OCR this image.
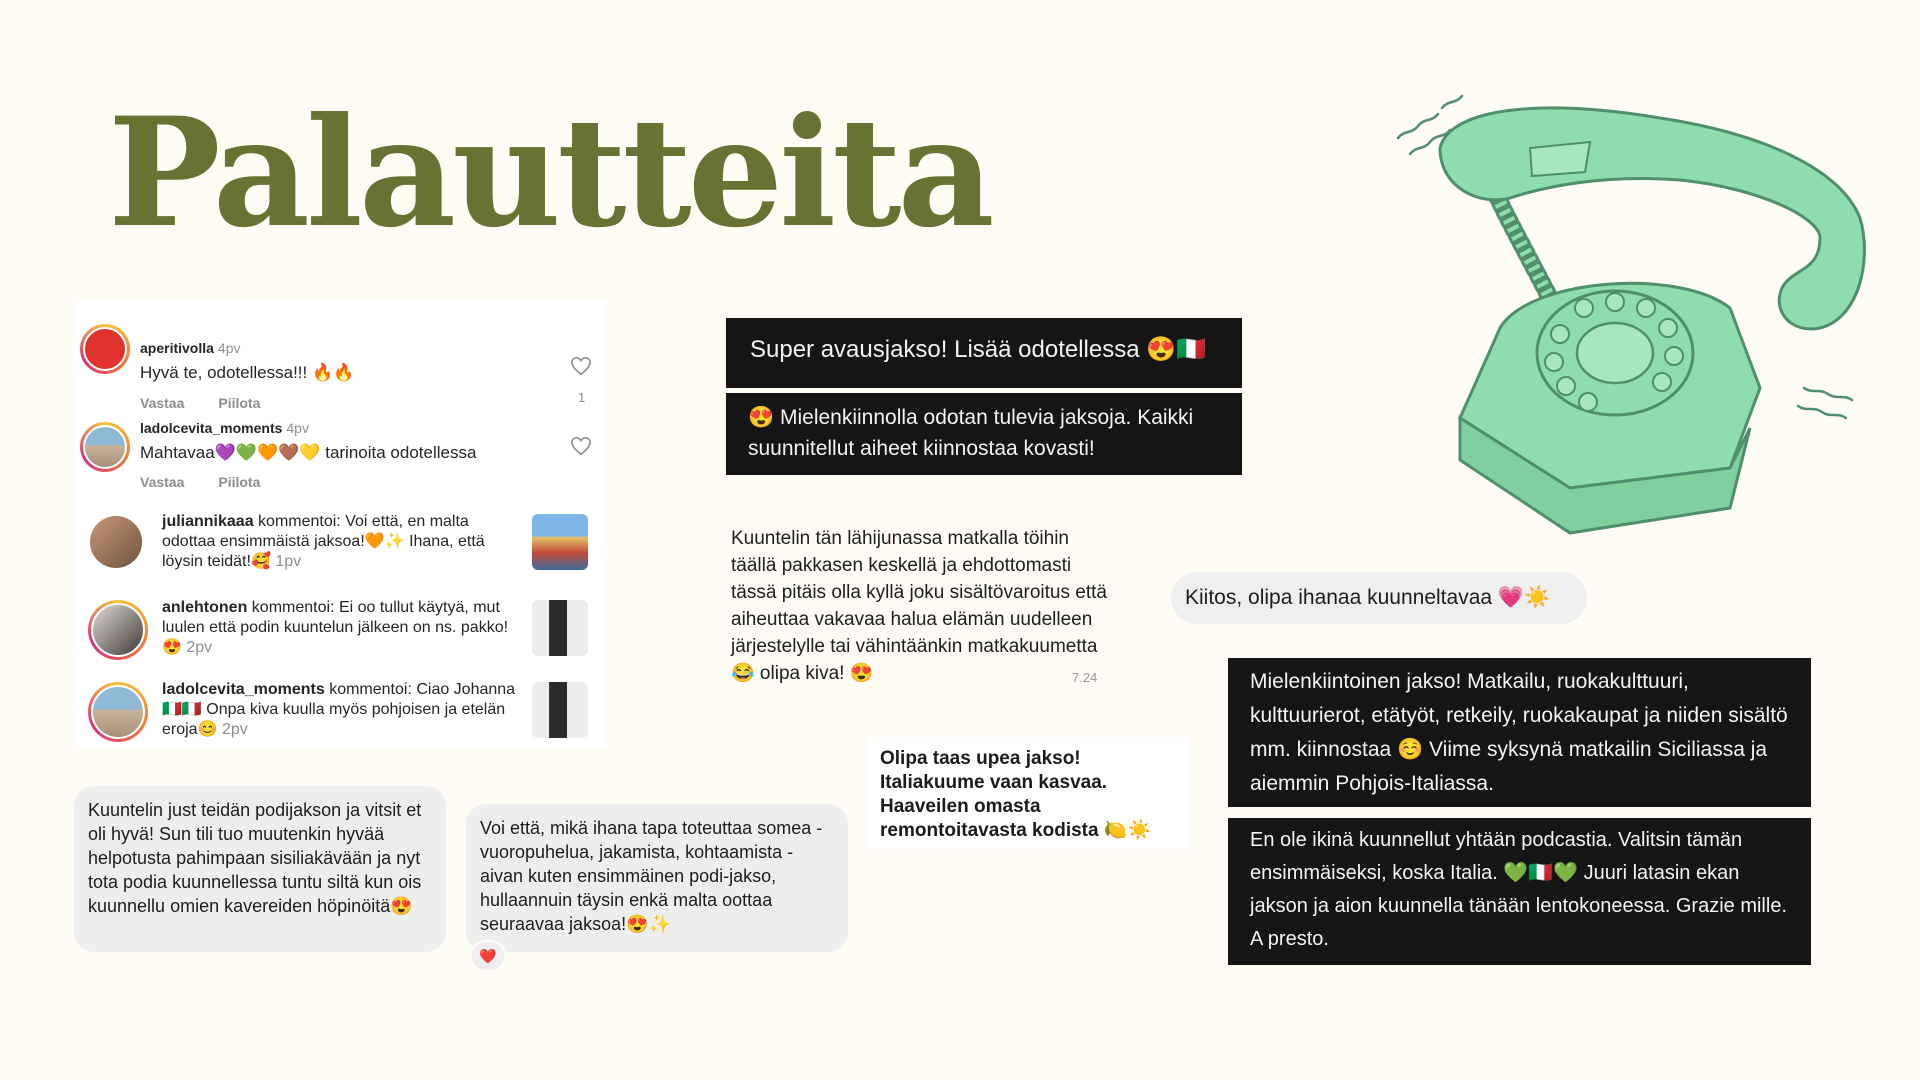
Palautteita
aperitivolla 4pv
Hyvä te, odotellessa!!! 🔥🔥
Vastaa Piilota	1
ladolcevita_moments 4pv
Mahtavaa💜💚🧡🤎💛 tarinoita odotellessa
Vastaa Piilota
juliannikaaa kommentoi: Voi että, en malta odottaa ensimmäistä jaksoa!🧡✨ Ihana, että löysin teidät!🥰 1pv
anlehtonen kommentoi: Ei oo tullut käytyä, mut luulen että podin kuuntelun jälkeen on ns. pakko! 😍 2pv
ladolcevita_moments kommentoi: Ciao Johanna🇮🇹🇮🇹 Onpa kiva kuulla myös pohjoisen ja etelän eroja😊 2pv
Kuuntelin just teidän podijakson ja vitsit et oli hyvä! Sun tili tuo muutenkin hyvää helpotusta pahimpaan sisiliakävään ja nyt tota podia kuunnellessa tuntu siltä kun ois kuunnellu omien kavereiden höpinöitä😍
Voi että, mikä ihana tapa toteuttaa somea - vuoropuhelua, jakamista, kohtaamista - aivan kuten ensimmäinen podi-jakso, hullaannuin täysin enkä malta oottaa seuraavaa jaksoa!😍✨
❤️
Super avausjakso! Lisää odotellessa 😍🇮🇹
😍 Mielenkiinnolla odotan tulevia jaksoja. Kaikki suunnitellut aiheet kiinnostaa kovasti!
Mielenkiintoinen jakso! Matkailu, ruokakulttuuri, kulttuurierot, etätyöt, retkeily, ruokakaupat ja niiden sisältö mm. kiinnostaa ☺️ Viime syksynä matkailin Siciliassa ja aiemmin Pohjois-Italiassa.
En ole ikinä kuunnellut yhtään podcastia. Valitsin tämän ensimmäiseksi, koska Italia. 💚🇮🇹💚 Juuri latasin ekan jakson ja aion kuunnella tänään lentokoneessa. Grazie mille. A presto.
Kuuntelin tän lähijunassa matkalla töihin täällä pakkasen keskellä ja ehdottomasti tässä pitäis olla kyllä joku sisältövaroitus että aiheuttaa vakavaa halua elämän uudelleen järjestelylle tai vähintäänkin matkakuumetta 😂 olipa kiva! 😍	7.24
Olipa taas upea jakso! Italiakuume vaan kasvaa. Haaveilen omasta remontoitavasta kodista 🍋☀️
Kiitos, olipa ihanaa kuunneltavaa 💗☀️
